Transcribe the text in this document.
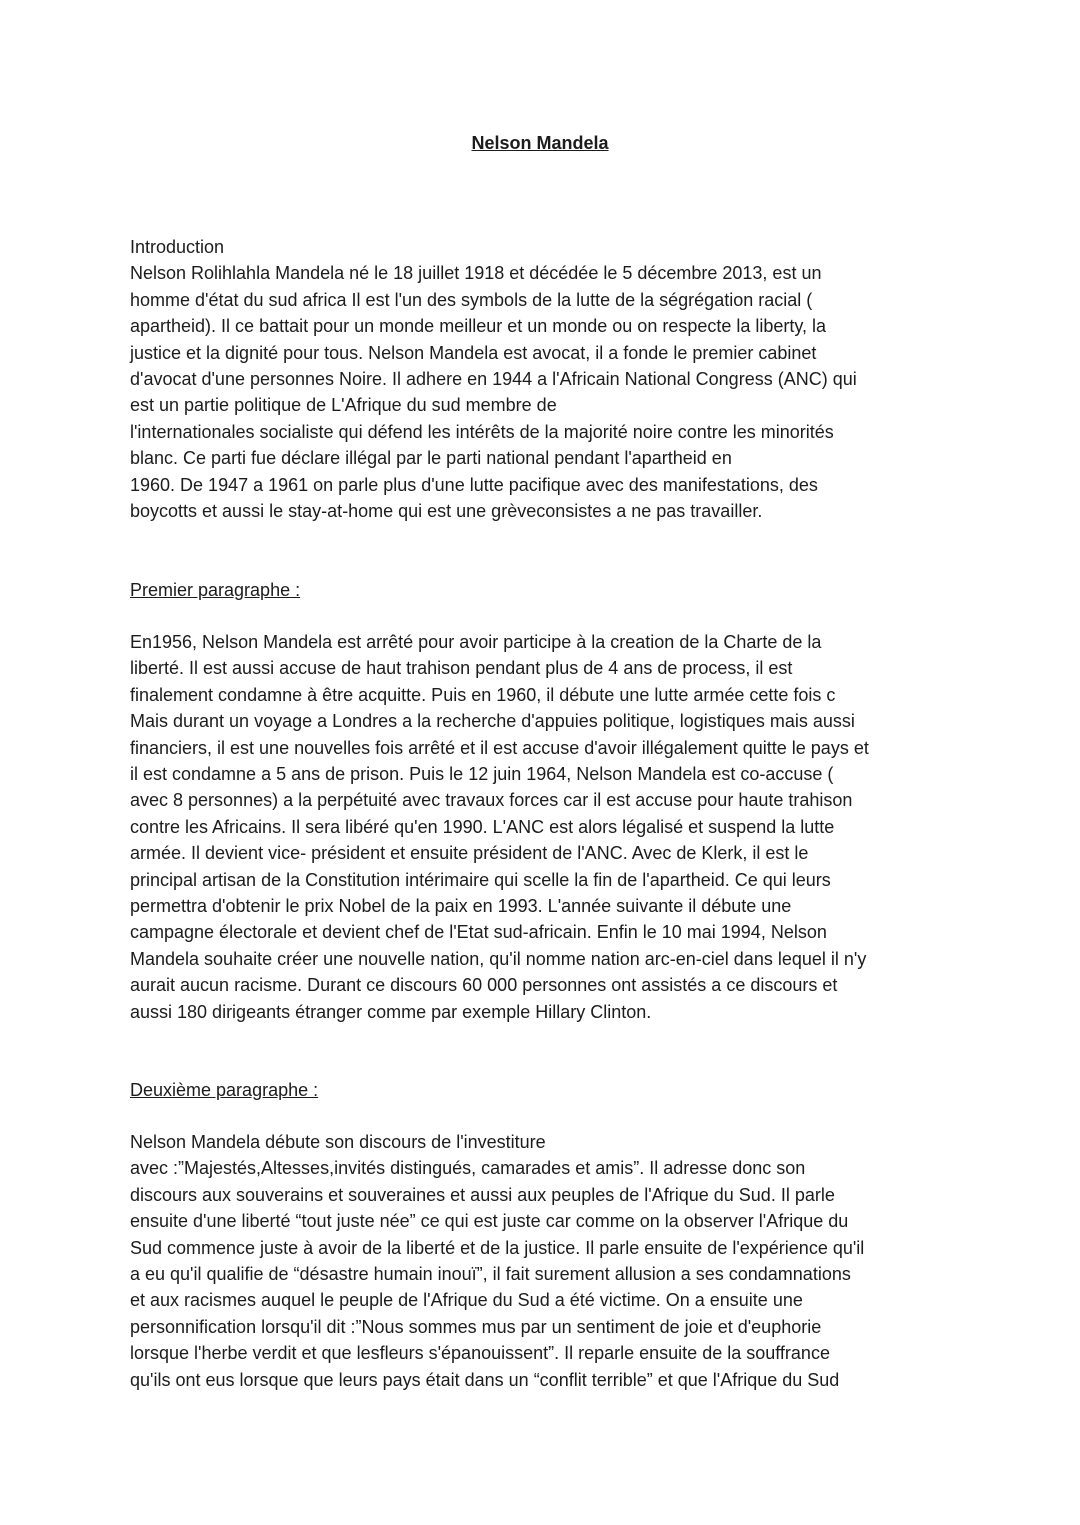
Nelson Mandela
Introduction
Nelson Rolihlahla Mandela né le 18 juillet 1918 et décédée le 5 décembre 2013, est un
homme d'état du sud africa Il est l'un des symbols de la lutte de la ségrégation racial (
apartheid). Il ce battait pour un monde meilleur et un monde ou on respecte la liberty, la
justice et la dignité pour tous. Nelson Mandela est avocat, il a fonde le premier cabinet
d'avocat d'une personnes Noire. Il adhere en 1944 a l'Africain National Congress (ANC) qui
est un partie politique de L'Afrique du sud membre de
l'internationales socialiste qui défend les intérêts de la majorité noire contre les minorités
blanc. Ce parti fue déclare illégal par le parti national pendant l'apartheid en
1960. De 1947 a 1961 on parle plus d'une lutte pacifique avec des manifestations, des
boycotts et aussi le stay-at-home qui est une grèveconsistes a ne pas travailler.
Premier paragraphe :
En1956, Nelson Mandela est arrêté pour avoir participe à la creation de la Charte de la
liberté. Il est aussi accuse de haut trahison pendant plus de 4 ans de process, il est
finalement condamne à être acquitte. Puis en 1960, il débute une lutte armée cette fois c
Mais durant un voyage a Londres a la recherche d'appuies politique, logistiques mais aussi
financiers, il est une nouvelles fois arrêté et il est accuse d'avoir illégalement quitte le pays et
il est condamne a 5 ans de prison. Puis le 12 juin 1964, Nelson Mandela est co-accuse (
avec 8 personnes) a la perpétuité avec travaux forces car il est accuse pour haute trahison
contre les Africains. Il sera libéré qu'en 1990. L'ANC est alors légalisé et suspend la lutte
armée. Il devient vice- président et ensuite président de l'ANC. Avec de Klerk, il est le
principal artisan de la Constitution intérimaire qui scelle la fin de l'apartheid. Ce qui leurs
permettra d'obtenir le prix Nobel de la paix en 1993. L'année suivante il débute une
campagne électorale et devient chef de l'Etat sud-africain. Enfin le 10 mai 1994, Nelson
Mandela souhaite créer une nouvelle nation, qu'il nomme nation arc-en-ciel dans lequel il n'y
aurait aucun racisme. Durant ce discours 60 000 personnes ont assistés a ce discours et
aussi 180 dirigeants étranger comme par exemple Hillary Clinton.
Deuxième paragraphe :
Nelson Mandela débute son discours de l'investiture
avec :”Majestés,Altesses,invités distingués, camarades et amis”. Il adresse donc son
discours aux souverains et souveraines et aussi aux peuples de l'Afrique du Sud. Il parle
ensuite d'une liberté “tout juste née” ce qui est juste car comme on la observer l'Afrique du
Sud commence juste à avoir de la liberté et de la justice. Il parle ensuite de l'expérience qu'il
a eu qu'il qualifie de “désastre humain inouï”, il fait surement allusion a ses condamnations
et aux racismes auquel le peuple de l'Afrique du Sud a été victime. On a ensuite une
personnification lorsqu'il dit :”Nous sommes mus par un sentiment de joie et d'euphorie
lorsque l'herbe verdit et que lesfleurs s'épanouissent”. Il reparle ensuite de la souffrance
qu'ils ont eus lorsque que leurs pays était dans un “conflit terrible” et que l'Afrique du Sud
